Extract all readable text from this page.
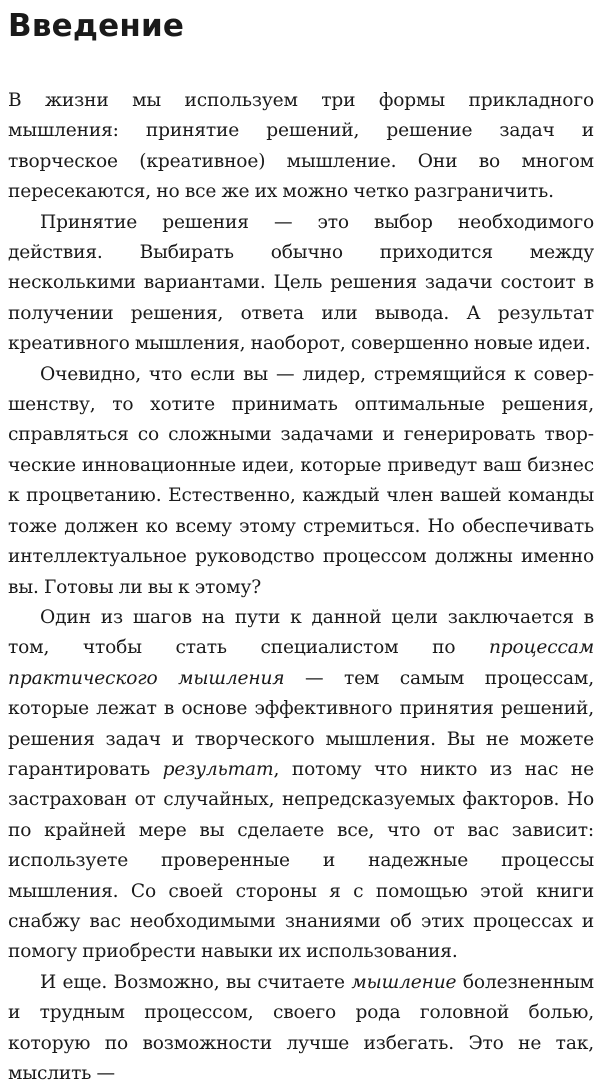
Введение

В жизни мы используем три формы прикладного мышления: принятие решений, решение задач и творческое (креативное) мышление. Они во многом пересекаются, но все же их можно четко разграничить.

Принятие решения — это выбор необходимого действия. Выбирать обычно приходится между несколькими вариантами. Цель решения задачи состоит в получении решения, ответа или вывода. А результат креативного мышления, наоборот, совершенно новые идеи.

Очевидно, что если вы — лидер, стремящийся к совершенству, то хотите принимать оптимальные решения, справляться со сложными задачами и генерировать творческие инновационные идеи, которые приведут ваш бизнес к процветанию. Естественно, каждый член вашей команды тоже должен ко всему этому стремиться. Но обеспечивать интеллектуальное руководство процессом должны именно вы. Готовы ли вы к этому?

Один из шагов на пути к данной цели заключается в том, чтобы стать специалистом по процессам практического мышления — тем самым процессам, которые лежат в основе эффективного принятия решений, решения задач и творческого мышления. Вы не можете гарантировать результат, потому что никто из нас не застрахован от случайных, непредсказуемых факторов. Но по крайней мере вы сделаете все, что от вас зависит: используете проверенные и надежные процессы мышления. Со своей стороны я с помощью этой книги снабжу вас необходимыми знаниями об этих процессах и помогу приобрести навыки их использования.

И еще. Возможно, вы считаете мышление болезненным и трудным процессом, своего рода головной болью, которую по возможности лучше избегать. Это не так, мыслить —
